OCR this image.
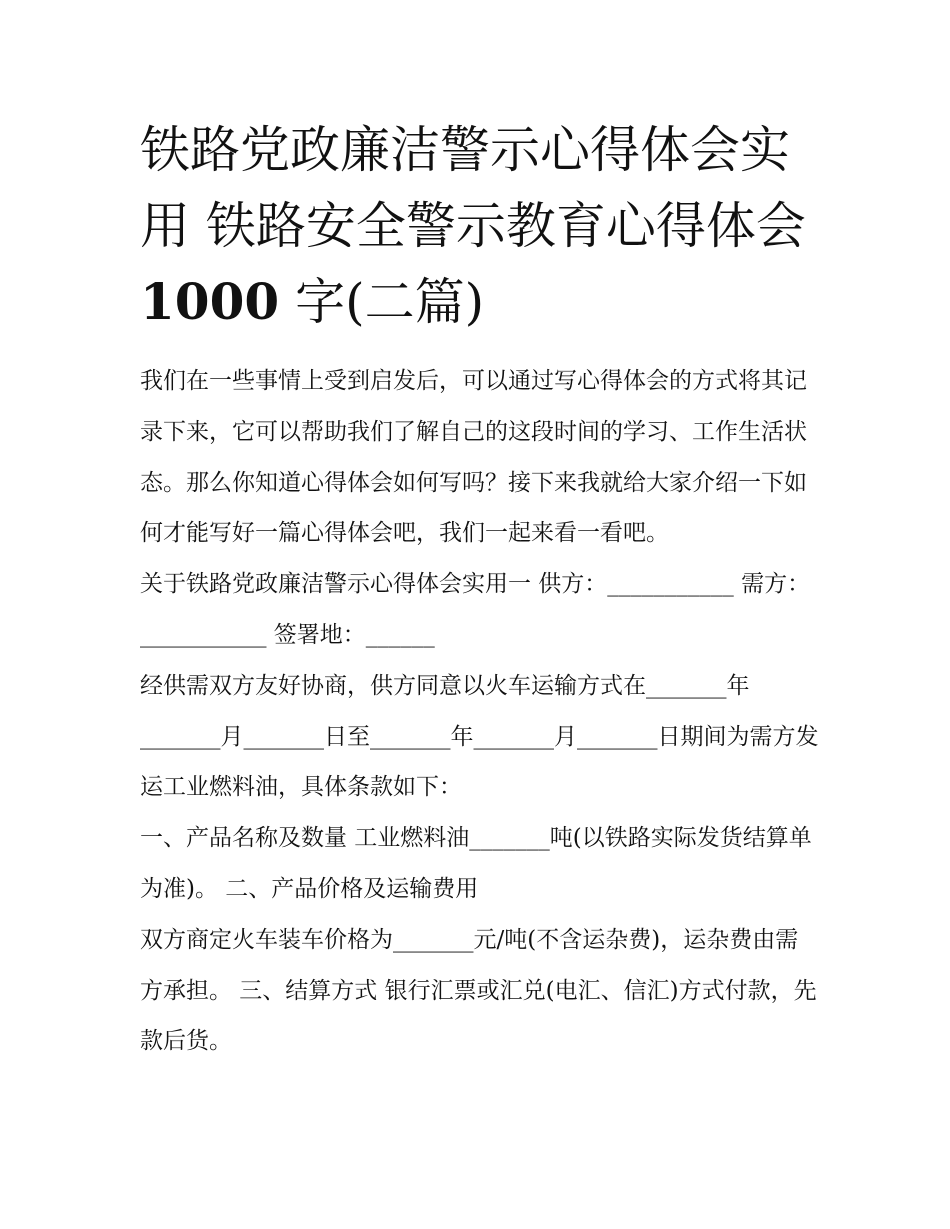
铁路党政廉洁警示心得体会实
用 铁路安全警示教育心得体会
1000 字(二篇)

我们在一些事情上受到启发后，可以通过写心得体会的方式将其记录下来，它可以帮助我们了解自己的这段时间的学习、工作生活状态。那么你知道心得体会如何写吗？接下来我就给大家介绍一下如何才能写好一篇心得体会吧，我们一起来看一看吧。

关于铁路党政廉洁警示心得体会实用一 供方：___________ 需方：___________ 签署地：______

经供需双方友好协商，供方同意以火车运输方式在_______年_______月_______日至_______年_______月_______日期间为需方发运工业燃料油，具体条款如下：

一、产品名称及数量 工业燃料油_______吨(以铁路实际发货结算单为准)。 二、产品价格及运输费用

双方商定火车装车价格为_______元/吨(不含运杂费)，运杂费由需方承担。 三、结算方式 银行汇票或汇兑(电汇、信汇)方式付款，先款后货。
